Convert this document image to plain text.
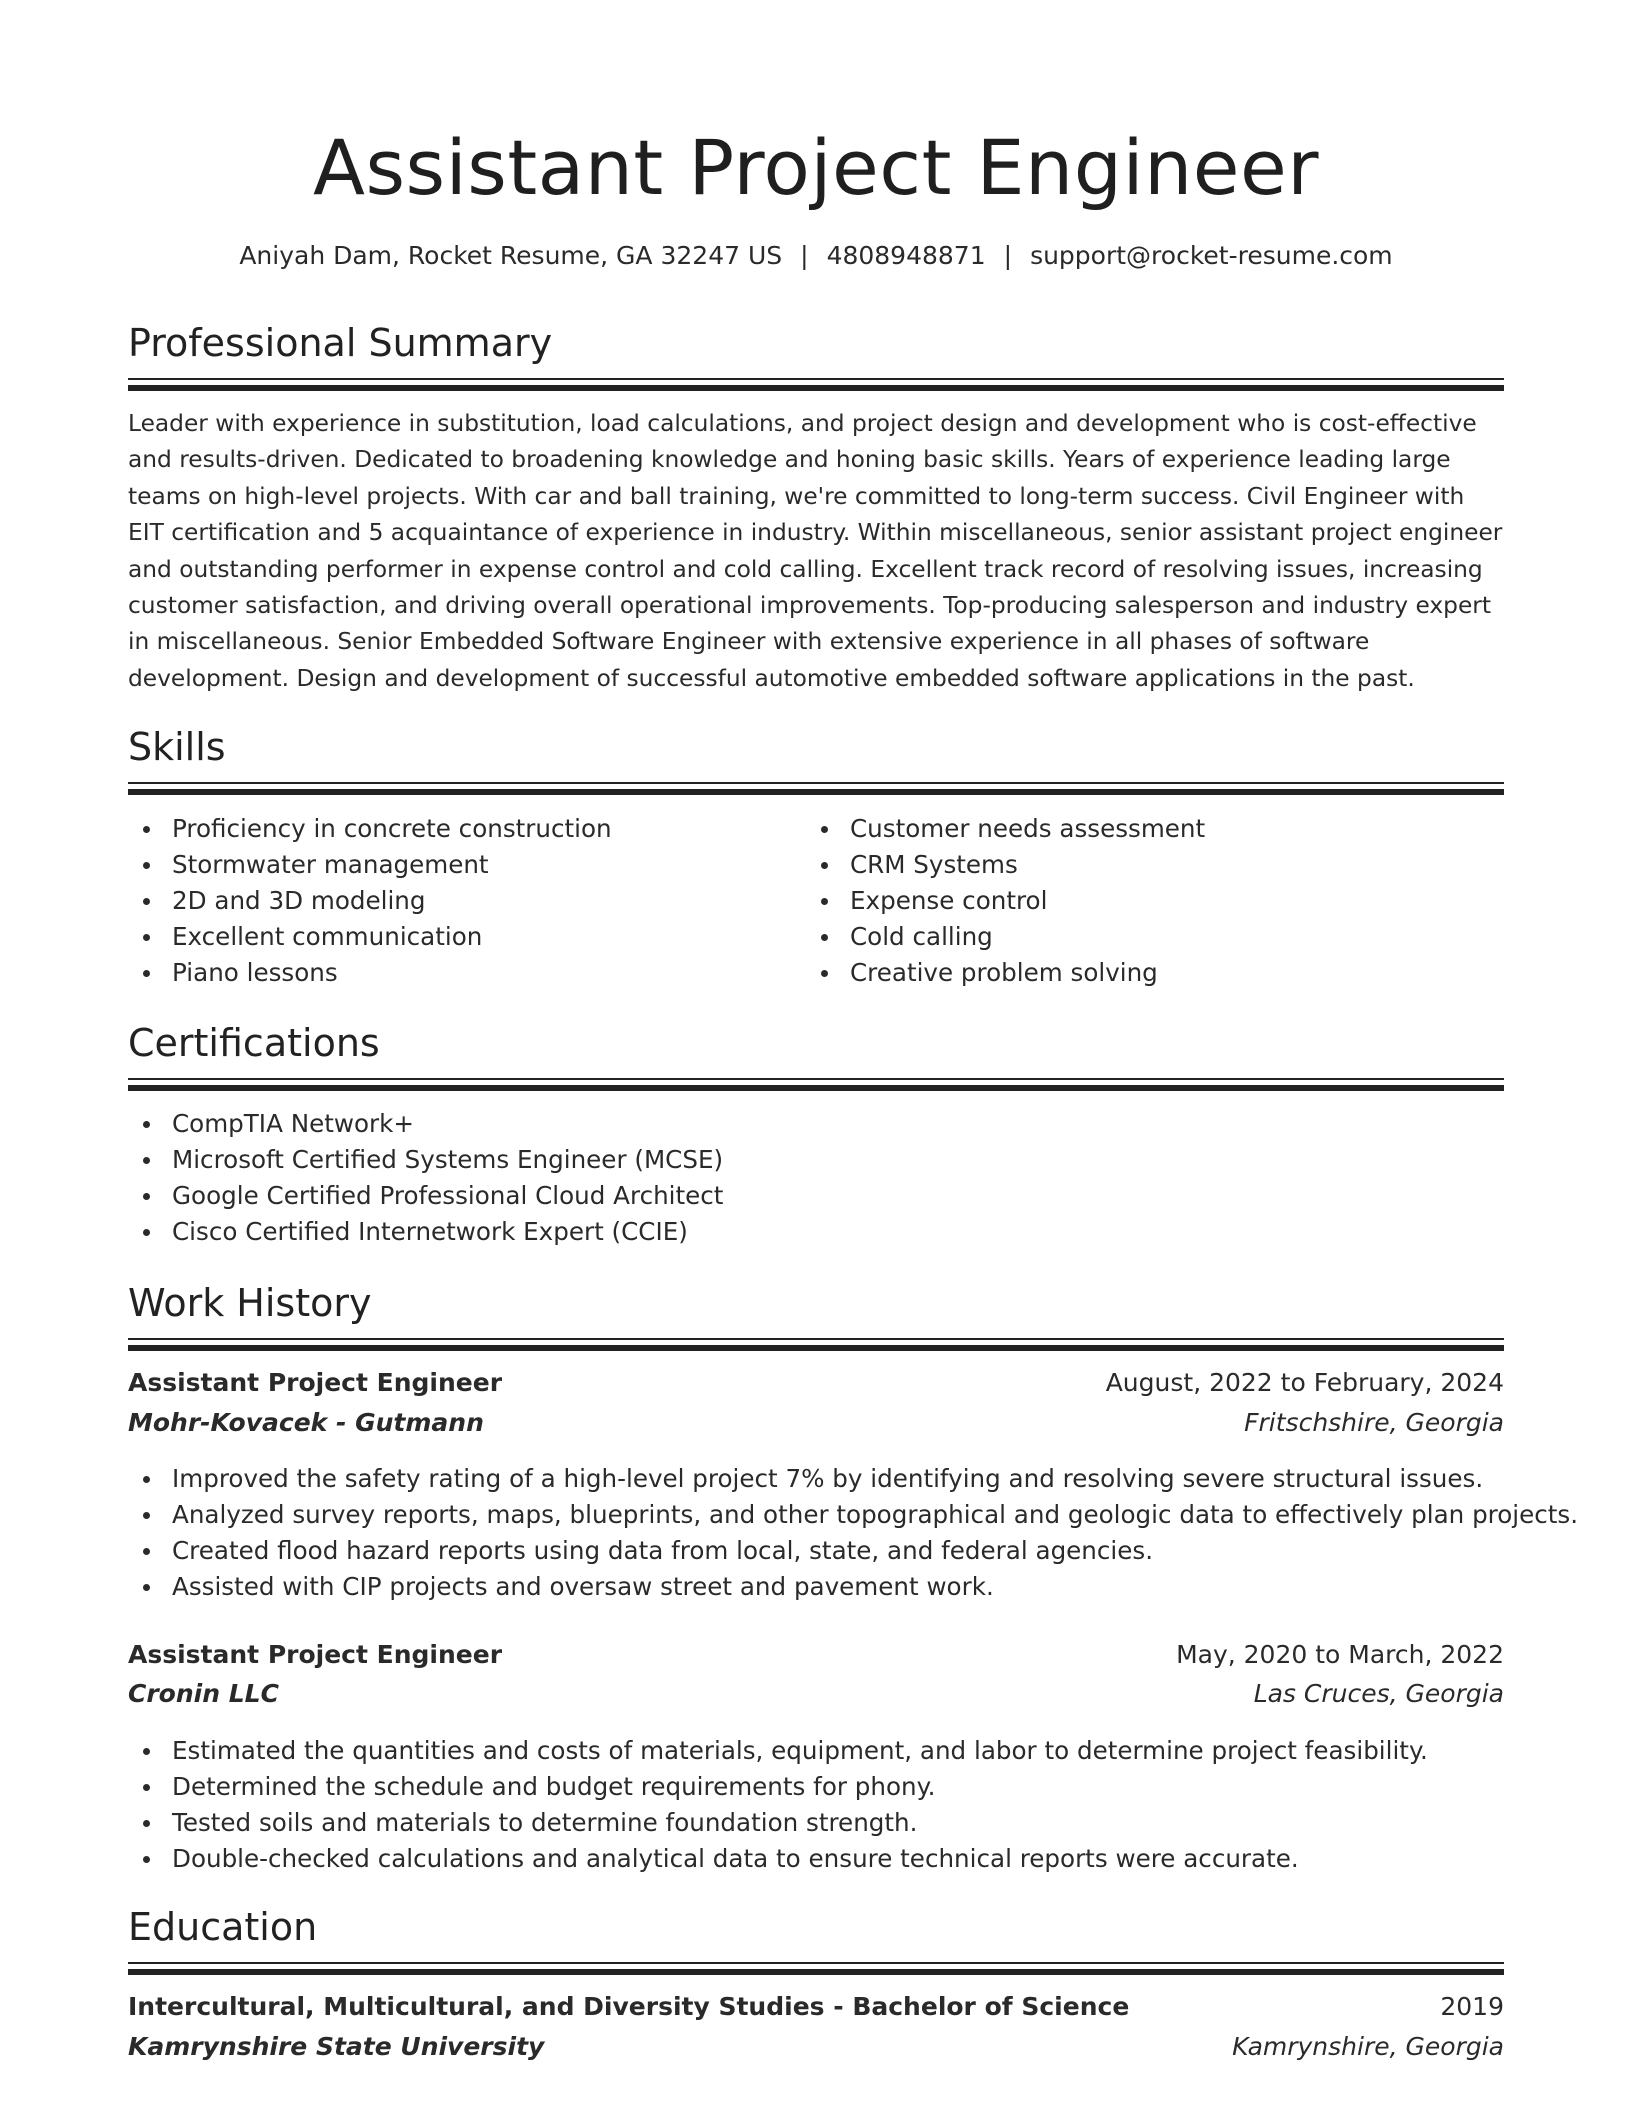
Assistant Project Engineer
Aniyah Dam, Rocket Resume, GA 32247 US | 4808948871 | support@rocket-resume.com
Professional Summary
Leader with experience in substitution, load calculations, and project design and development who is cost-effective and results-driven. Dedicated to broadening knowledge and honing basic skills. Years of experience leading large teams on high-level projects. With car and ball training, we're committed to long-term success. Civil Engineer with EIT certification and 5 acquaintance of experience in industry. Within miscellaneous, senior assistant project engineer and outstanding performer in expense control and cold calling. Excellent track record of resolving issues, increasing customer satisfaction, and driving overall operational improvements. Top-producing salesperson and industry expert in miscellaneous. Senior Embedded Software Engineer with extensive experience in all phases of software development. Design and development of successful automotive embedded software applications in the past.
Skills
Proficiency in concrete construction
Stormwater management
2D and 3D modeling
Excellent communication
Piano lessons
Customer needs assessment
CRM Systems
Expense control
Cold calling
Creative problem solving
Certifications
CompTIA Network+
Microsoft Certified Systems Engineer (MCSE)
Google Certified Professional Cloud Architect
Cisco Certified Internetwork Expert (CCIE)
Work History
Assistant Project Engineer	August, 2022 to February, 2024
Mohr-Kovacek - Gutmann	Fritschshire, Georgia
Improved the safety rating of a high-level project 7% by identifying and resolving severe structural issues.
Analyzed survey reports, maps, blueprints, and other topographical and geologic data to effectively plan projects.
Created flood hazard reports using data from local, state, and federal agencies.
Assisted with CIP projects and oversaw street and pavement work.
Assistant Project Engineer	May, 2020 to March, 2022
Cronin LLC	Las Cruces, Georgia
Estimated the quantities and costs of materials, equipment, and labor to determine project feasibility.
Determined the schedule and budget requirements for phony.
Tested soils and materials to determine foundation strength.
Double-checked calculations and analytical data to ensure technical reports were accurate.
Education
Intercultural, Multicultural, and Diversity Studies - Bachelor of Science	2019
Kamrynshire State University	Kamrynshire, Georgia
